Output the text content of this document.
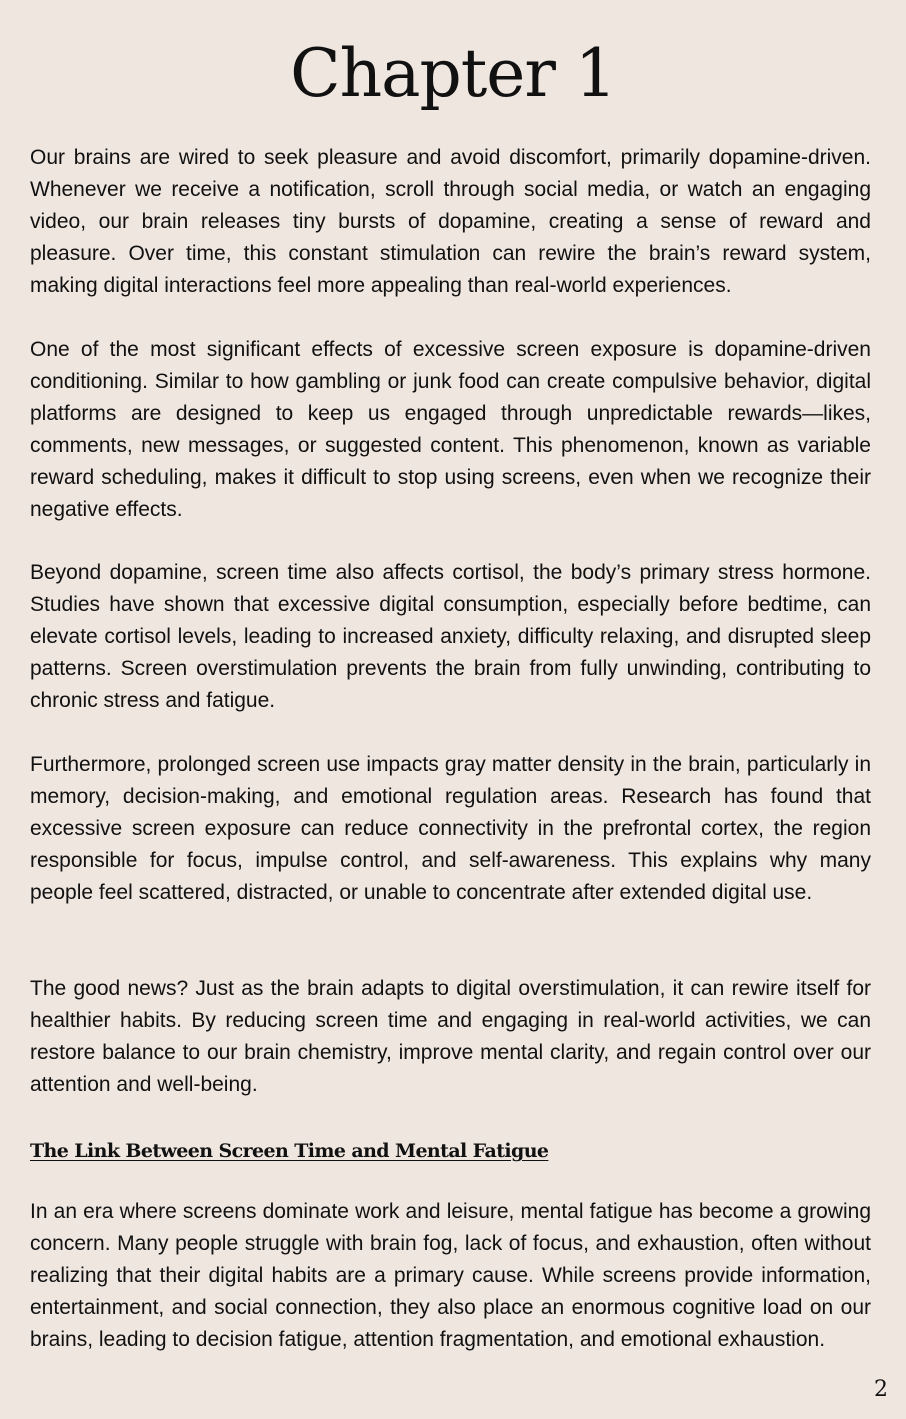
Chapter 1

Our brains are wired to seek pleasure and avoid discomfort, primarily dopamine-driven. Whenever we receive a notification, scroll through social media, or watch an engaging video, our brain releases tiny bursts of dopamine, creating a sense of reward and pleasure. Over time, this constant stimulation can rewire the brain’s reward system, making digital interactions feel more appealing than real-world experiences.

One of the most significant effects of excessive screen exposure is dopamine-driven conditioning. Similar to how gambling or junk food can create compulsive behavior, digital platforms are designed to keep us engaged through unpredictable rewards—likes, comments, new messages, or suggested content. This phenomenon, known as variable reward scheduling, makes it difficult to stop using screens, even when we recognize their negative effects.

Beyond dopamine, screen time also affects cortisol, the body’s primary stress hormone. Studies have shown that excessive digital consumption, especially before bedtime, can elevate cortisol levels, leading to increased anxiety, difficulty relaxing, and disrupted sleep patterns. Screen overstimulation prevents the brain from fully unwinding, contributing to chronic stress and fatigue.

Furthermore, prolonged screen use impacts gray matter density in the brain, particularly in memory, decision-making, and emotional regulation areas. Research has found that excessive screen exposure can reduce connectivity in the prefrontal cortex, the region responsible for focus, impulse control, and self-awareness. This explains why many people feel scattered, distracted, or unable to concentrate after extended digital use.

The good news? Just as the brain adapts to digital overstimulation, it can rewire itself for healthier habits. By reducing screen time and engaging in real-world activities, we can restore balance to our brain chemistry, improve mental clarity, and regain control over our attention and well-being.

The Link Between Screen Time and Mental Fatigue

In an era where screens dominate work and leisure, mental fatigue has become a growing concern. Many people struggle with brain fog, lack of focus, and exhaustion, often without realizing that their digital habits are a primary cause. While screens provide information, entertainment, and social connection, they also place an enormous cognitive load on our brains, leading to decision fatigue, attention fragmentation, and emotional exhaustion.

2
